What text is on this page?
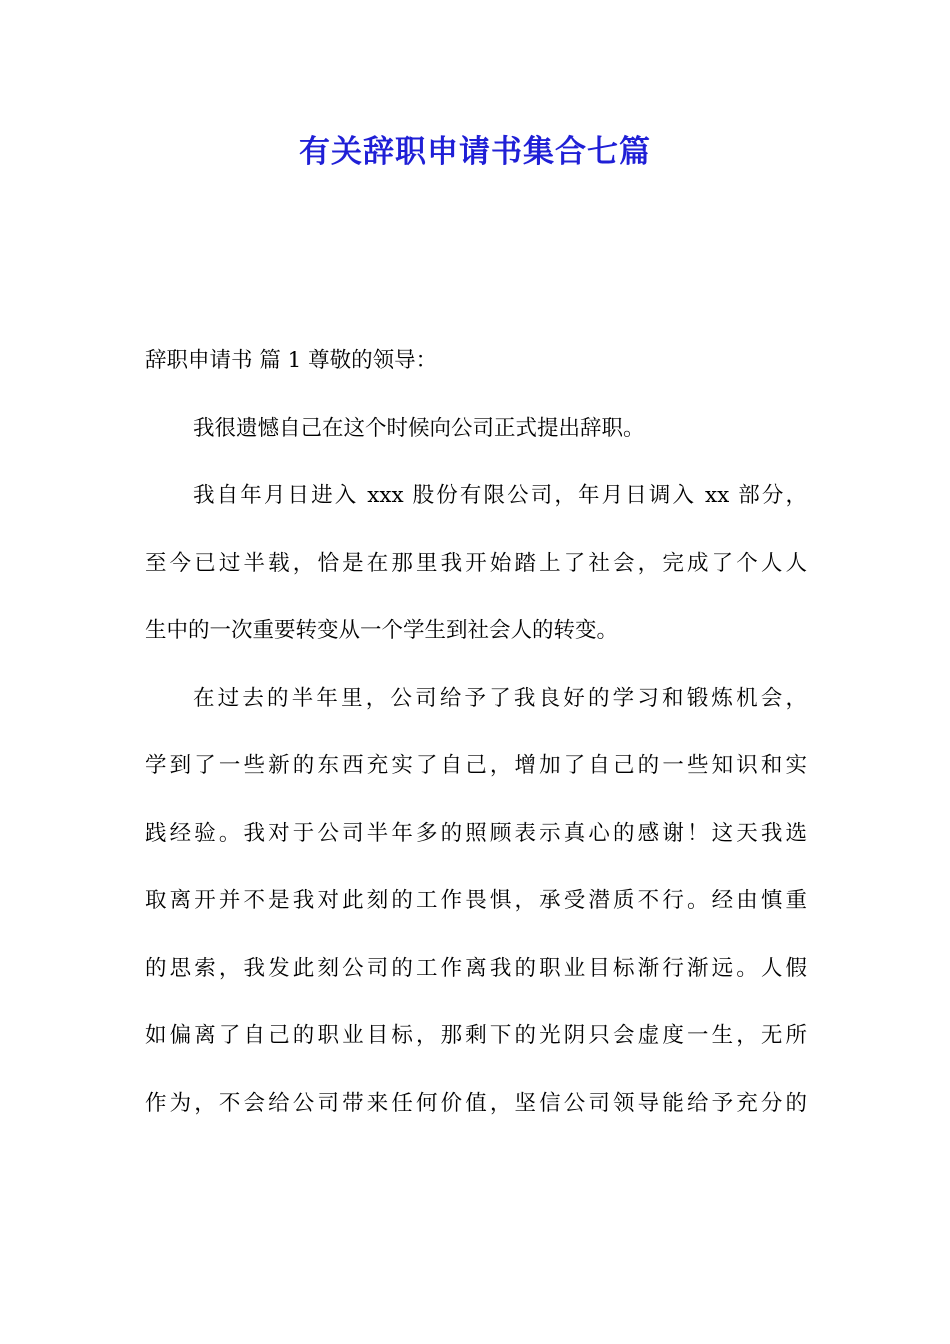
有关辞职申请书集合七篇
辞职申请书 篇 1 尊敬的领导：
我很遗憾自己在这个时候向公司正式提出辞职。
我自年月日进入 xxx 股份有限公司，年月日调入 xx 部分，
至今已过半载，恰是在那里我开始踏上了社会，完成了个人人
生中的一次重要转变从一个学生到社会人的转变。
在过去的半年里，公司给予了我良好的学习和锻炼机会，
学到了一些新的东西充实了自己，增加了自己的一些知识和实
践经验。我对于公司半年多的照顾表示真心的感谢！这天我选
取离开并不是我对此刻的工作畏惧，承受潜质不行。经由慎重
的思索，我发此刻公司的工作离我的职业目标渐行渐远。人假
如偏离了自己的职业目标，那剩下的光阴只会虚度一生，无所
作为，不会给公司带来任何价值，坚信公司领导能给予充分的
